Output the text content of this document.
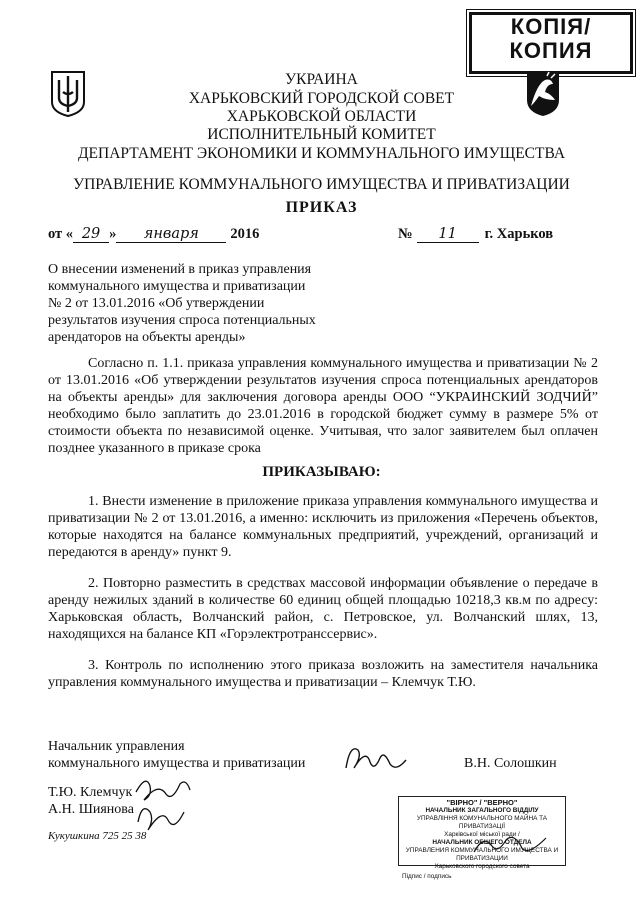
КОПІЯ/
КОПИЯ
УКРАИНА
ХАРЬКОВСКИЙ ГОРОДСКОЙ СОВЕТ
ХАРЬКОВСКОЙ ОБЛАСТИ
ИСПОЛНИТЕЛЬНЫЙ КОМИТЕТ
ДЕПАРТАМЕНТ ЭКОНОМИКИ И КОММУНАЛЬНОГО ИМУЩЕСТВА
УПРАВЛЕНИЕ КОММУНАЛЬНОГО ИМУЩЕСТВА И ПРИВАТИЗАЦИИ
ПРИКАЗ
от « 29 » января 2016	№ 11 г. Харьков
О внесении изменений в приказ управления
коммунального имущества и приватизации
№ 2 от 13.01.2016 «Об утверждении
результатов изучения спроса потенциальных
арендаторов на объекты аренды»
Согласно п. 1.1. приказа управления коммунального имущества и приватизации № 2 от 13.01.2016 «Об утверждении результатов изучения спроса потенциальных арендаторов на объекты аренды» для заключения договора аренды ООО “УКРАИНСКИЙ ЗОДЧИЙ” необходимо было заплатить до 23.01.2016 в городской бюджет сумму в размере 5% от стоимости объекта по независимой оценке. Учитывая, что залог заявителем был оплачен позднее указанного в приказе срока
ПРИКАЗЫВАЮ:
1. Внести изменение в приложение приказа управления коммунального имущества и приватизации № 2 от 13.01.2016, а именно: исключить из приложения «Перечень объектов, которые находятся на балансе коммунальных предприятий, учреждений, организаций и передаются в аренду» пункт 9.
2. Повторно разместить в средствах массовой информации объявление о передаче в аренду нежилых зданий в количестве 60 единиц общей площадью 10218,3 кв.м по адресу: Харьковская область, Волчанский район, с. Петровское, ул. Волчанский шлях, 13, находящихся на балансе КП «Горэлектротранссервис».
3. Контроль по исполнению этого приказа возложить на заместителя начальника управления коммунального имущества и приватизации – Клемчук Т.Ю.
Начальник управления
коммунального имущества и приватизации	В.Н. Солошкин
Т.Ю. Клемчук
А.Н. Шиянова
Кукушкина 725 25 38
"ВІРНО" / "ВЕРНО"
НАЧАЛЬНИК ЗАГАЛЬНОГО ВІДДІЛУ
УПРАВЛІННЯ КОМУНАЛЬНОГО МАЙНА ТА ПРИВАТИЗАЦІЇ
Харківської міської ради /
НАЧАЛЬНИК ОБЩЕГО ОТДЕЛА
УПРАВЛЕНИЯ КОММУНАЛЬНОГО ИМУЩЕСТВА И ПРИВАТИЗАЦИИ
Харьковского городского совета
Підпис / подпись
